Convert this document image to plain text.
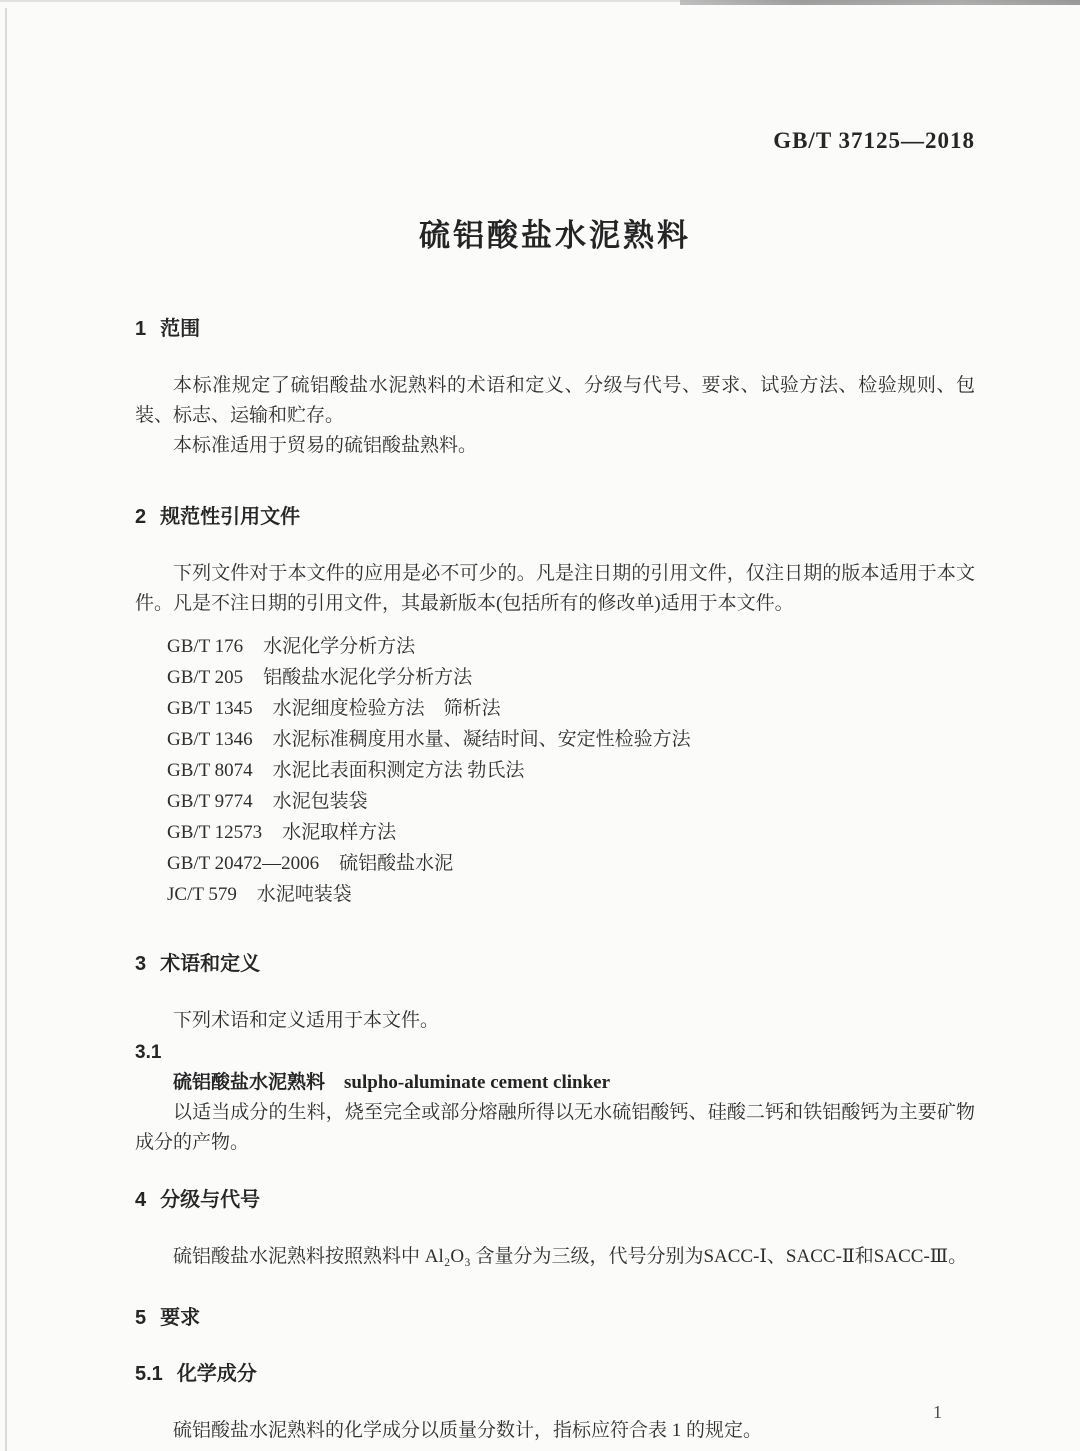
GB/T 37125—2018
硫铝酸盐水泥熟料
1 范围

本标准规定了硫铝酸盐水泥熟料的术语和定义、分级与代号、要求、试验方法、检验规则、包装、标志、运输和贮存。

本标准适用于贸易的硫铝酸盐熟料。

2 规范性引用文件

下列文件对于本文件的应用是必不可少的。凡是注日期的引用文件，仅注日期的版本适用于本文件。凡是不注日期的引用文件，其最新版本(包括所有的修改单)适用于本文件。

GB/T 176 水泥化学分析方法
GB/T 205 铝酸盐水泥化学分析方法
GB/T 1345 水泥细度检验方法　筛析法
GB/T 1346 水泥标准稠度用水量、凝结时间、安定性检验方法
GB/T 8074 水泥比表面积测定方法 勃氏法
GB/T 9774 水泥包装袋
GB/T 12573 水泥取样方法
GB/T 20472—2006 硫铝酸盐水泥
JC/T 579 水泥吨装袋
3 术语和定义

下列术语和定义适用于本文件。

3.1

硫铝酸盐水泥熟料 sulpho-aluminate cement clinker

以适当成分的生料，烧至完全或部分熔融所得以无水硫铝酸钙、硅酸二钙和铁铝酸钙为主要矿物成分的产物。

4 分级与代号

硫铝酸盐水泥熟料按照熟料中 Al₂O₃ 含量分为三级，代号分别为SACC-Ⅰ、SACC-Ⅱ和SACC-Ⅲ。

5 要求
5.1 化学成分

硫铝酸盐水泥熟料的化学成分以质量分数计，指标应符合表 1 的规定。

1
